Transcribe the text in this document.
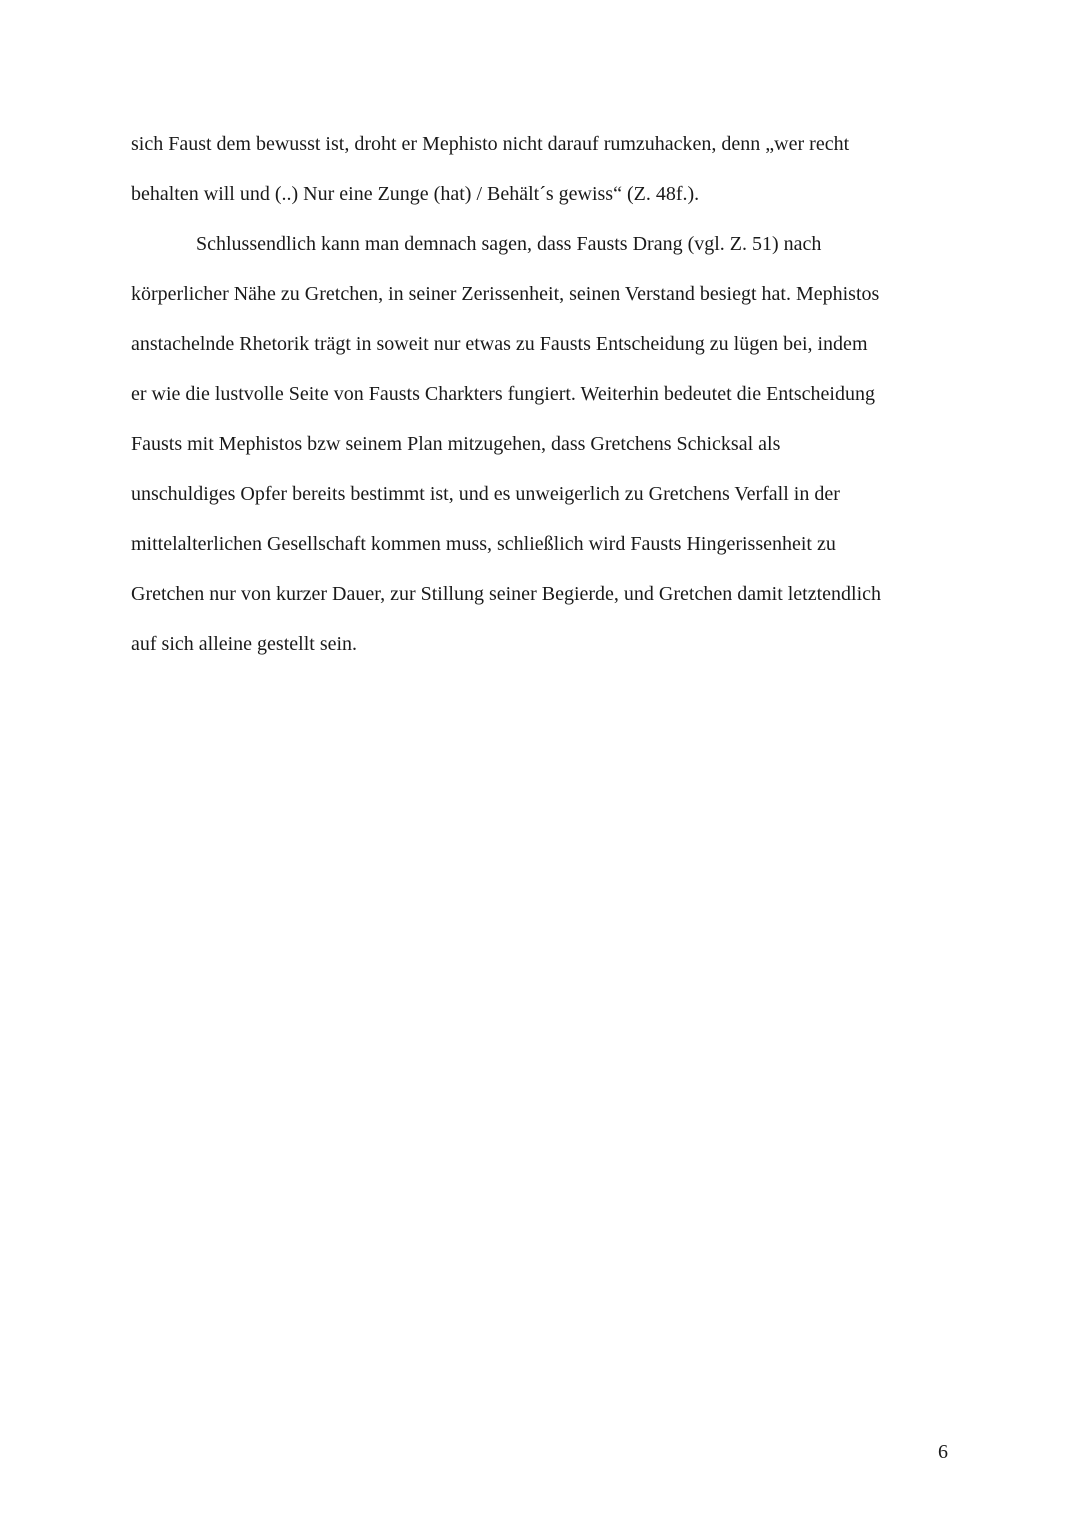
sich Faust dem bewusst ist, droht er Mephisto nicht darauf rumzuhacken, denn „wer recht
behalten will und (..) Nur eine Zunge (hat) / Behält´s gewiss“ (Z. 48f.).
Schlussendlich kann man demnach sagen, dass Fausts Drang (vgl. Z. 51) nach
körperlicher Nähe zu Gretchen, in seiner Zerissenheit, seinen Verstand besiegt hat. Mephistos
anstachelnde Rhetorik trägt in soweit nur etwas zu Fausts Entscheidung zu lügen bei, indem
er wie die lustvolle Seite von Fausts Charkters fungiert. Weiterhin bedeutet die Entscheidung
Fausts mit Mephistos bzw seinem Plan mitzugehen, dass Gretchens Schicksal als
unschuldiges Opfer bereits bestimmt ist, und es unweigerlich zu Gretchens Verfall in der
mittelalterlichen Gesellschaft kommen muss, schließlich wird Fausts Hingerissenheit zu
Gretchen nur von kurzer Dauer, zur Stillung seiner Begierde, und Gretchen damit letztendlich
auf sich alleine gestellt sein.
6
